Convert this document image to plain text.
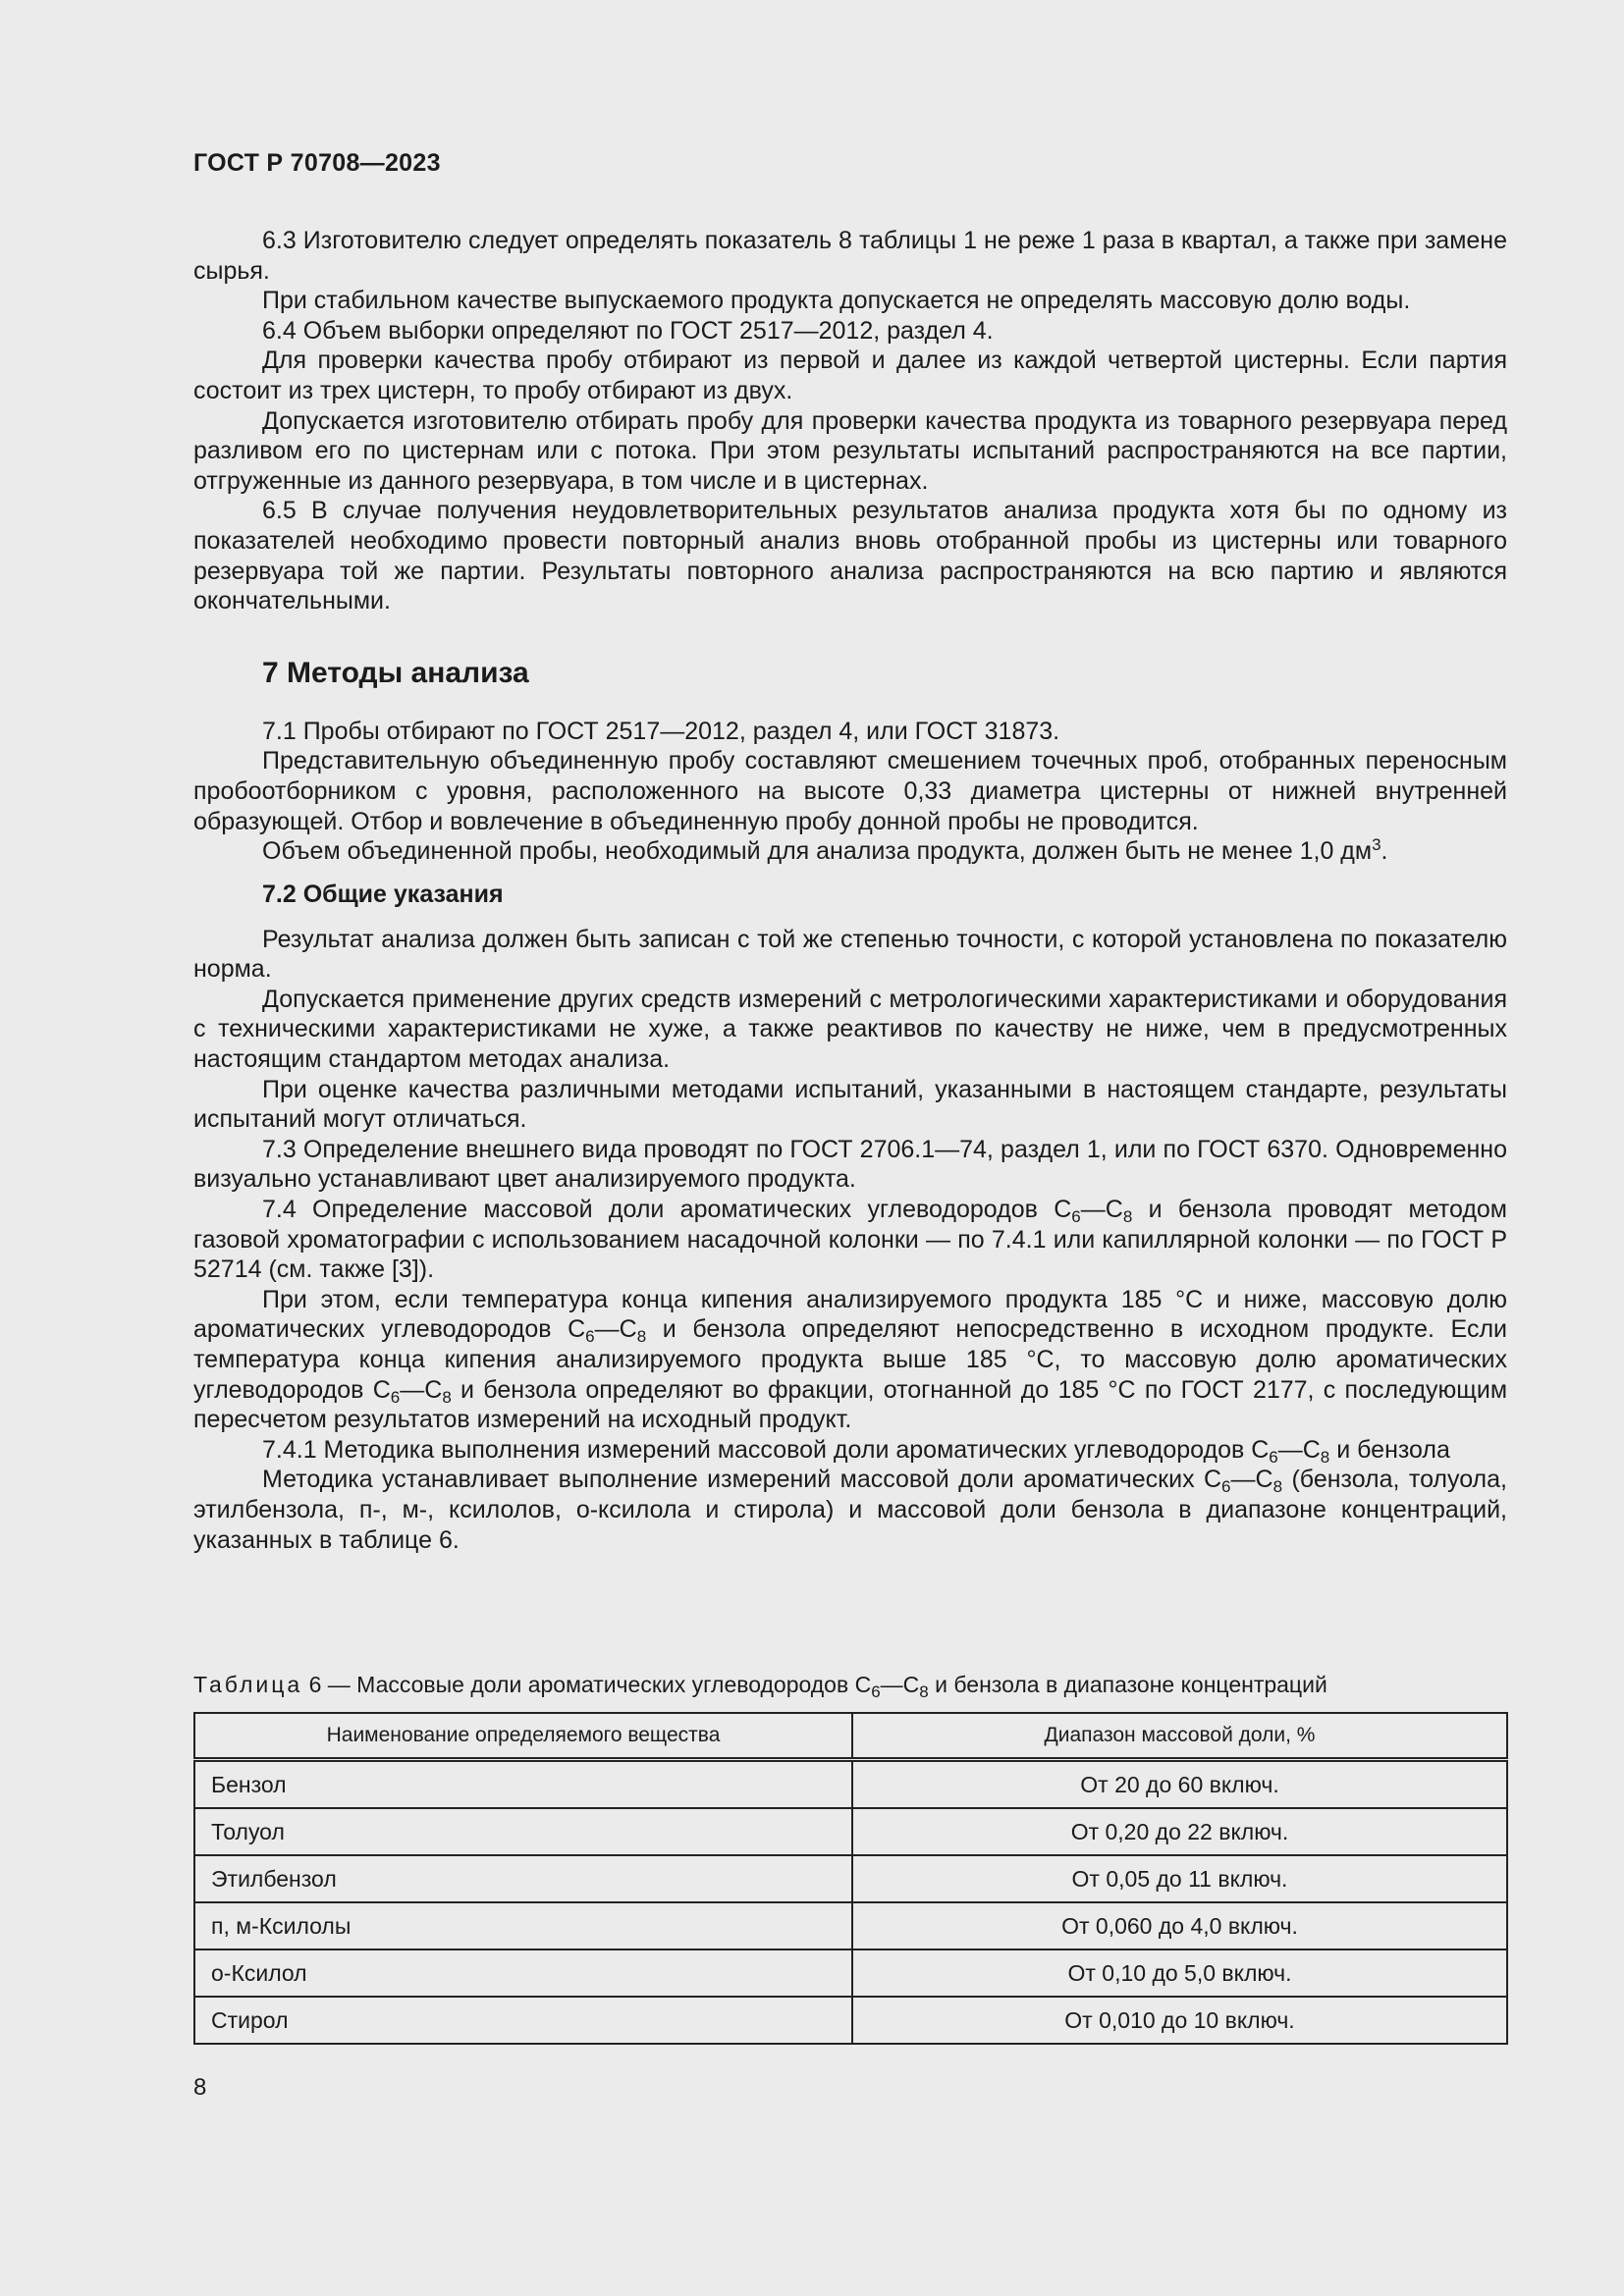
ГОСТ Р 70708—2023

6.3 Изготовителю следует определять показатель 8 таблицы 1 не реже 1 раза в квартал, а также при замене сырья.

При стабильном качестве выпускаемого продукта допускается не определять массовую долю воды.

6.4 Объем выборки определяют по ГОСТ 2517—2012, раздел 4.

Для проверки качества пробу отбирают из первой и далее из каждой четвертой цистерны. Если партия состоит из трех цистерн, то пробу отбирают из двух.

Допускается изготовителю отбирать пробу для проверки качества продукта из товарного резервуара перед разливом его по цистернам или с потока. При этом результаты испытаний распространяются на все партии, отгруженные из данного резервуара, в том числе и в цистернах.

6.5 В случае получения неудовлетворительных результатов анализа продукта хотя бы по одному из показателей необходимо провести повторный анализ вновь отобранной пробы из цистерны или товарного резервуара той же партии. Результаты повторного анализа распространяются на всю партию и являются окончательными.

7 Методы анализа

7.1 Пробы отбирают по ГОСТ 2517—2012, раздел 4, или ГОСТ 31873.

Представительную объединенную пробу составляют смешением точечных проб, отобранных переносным пробоотборником с уровня, расположенного на высоте 0,33 диаметра цистерны от нижней внутренней образующей. Отбор и вовлечение в объединенную пробу донной пробы не проводится.

Объем объединенной пробы, необходимый для анализа продукта, должен быть не менее 1,0 $дм^3$.

7.2 Общие указания

Результат анализа должен быть записан с той же степенью точности, с которой установлена по показателю норма.

Допускается применение других средств измерений с метрологическими характеристиками и оборудования с техническими характеристиками не хуже, а также реактивов по качеству не ниже, чем в предусмотренных настоящим стандартом методах анализа.

При оценке качества различными методами испытаний, указанными в настоящем стандарте, результаты испытаний могут отличаться.

7.3 Определение внешнего вида проводят по ГОСТ 2706.1—74, раздел 1, или по ГОСТ 6370. Одновременно визуально устанавливают цвет анализируемого продукта.

7.4 Определение массовой доли ароматических углеводородов $C_6—C_8$ и бензола проводят методом газовой хроматографии с использованием насадочной колонки — по 7.4.1 или капиллярной колонки — по ГОСТ Р 52714 (см. также [3]).

При этом, если температура конца кипения анализируемого продукта 185 °С и ниже, массовую долю ароматических углеводородов $C_6—C_8$ и бензола определяют непосредственно в исходном продукте. Если температура конца кипения анализируемого продукта выше 185 °С, то массовую долю ароматических углеводородов $C_6—C_8$ и бензола определяют во фракции, отогнанной до 185 °С по ГОСТ 2177, с последующим пересчетом результатов измерений на исходный продукт.

7.4.1 Методика выполнения измерений массовой доли ароматических углеводородов $C_6—C_8$ и бензола

Методика устанавливает выполнение измерений массовой доли ароматических $C_6—C_8$ (бензола, толуола, этилбензола, п-, м-, ксилолов, о-ксилола и стирола) и массовой доли бензола в диапазоне концентраций, указанных в таблице 6.

Таблица 6 — Массовые доли ароматических углеводородов $C_6—C_8$ и бензола в диапазоне концентраций
Наименование определяемого вещества	Диапазон массовой доли, %
Бензол	От 20 до 60 включ.
Толуол	От 0,20 до 22 включ.
Этилбензол	От 0,05 до 11 включ.
п, м-Ксилолы	От 0,060 до 4,0 включ.
о-Ксилол	От 0,10 до 5,0 включ.
Стирол	От 0,010 до 10 включ.
8
